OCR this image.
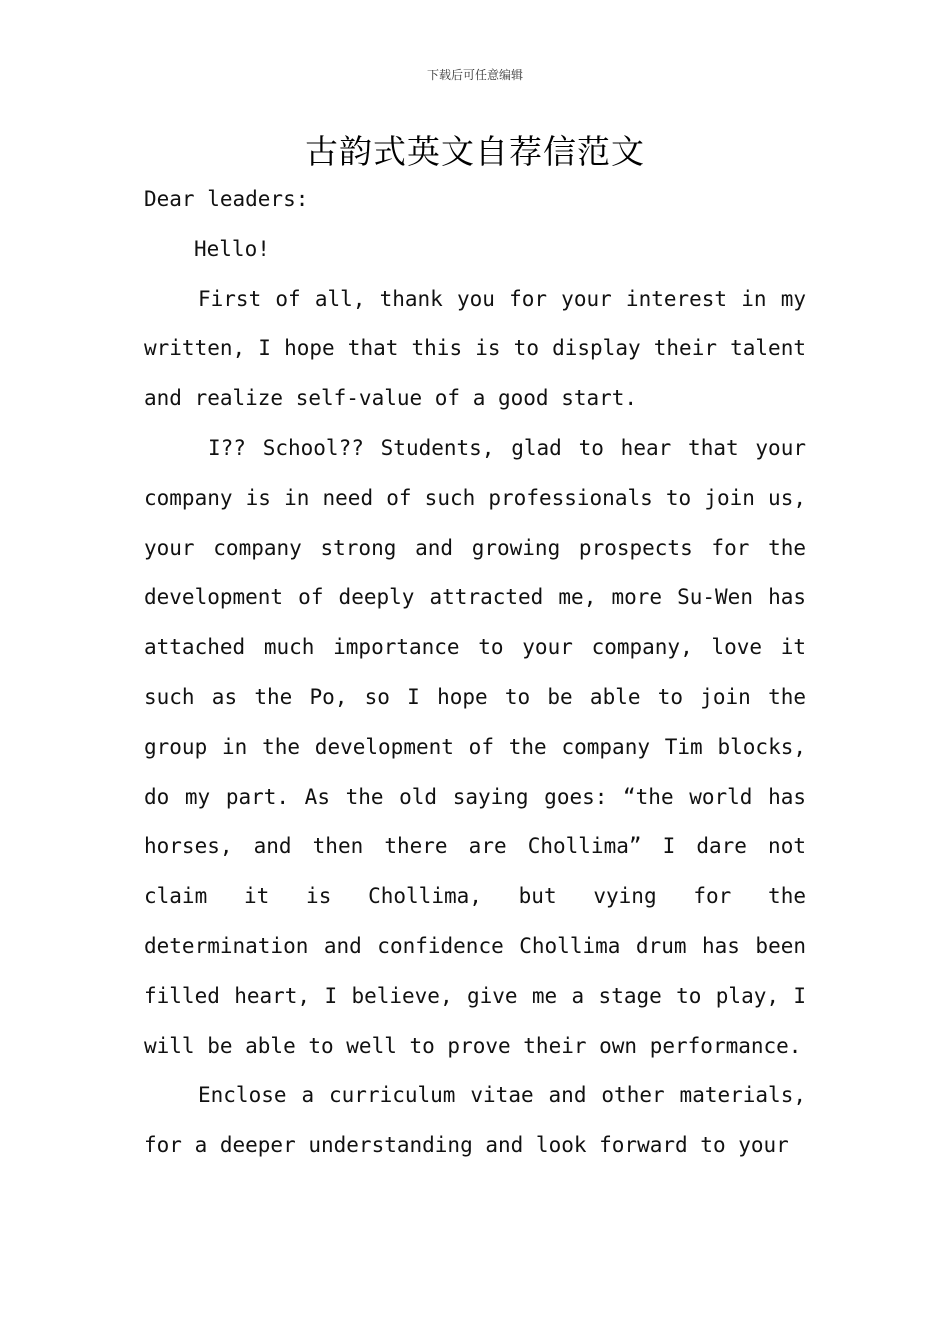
下载后可任意编辑
古韵式英文自荐信范文

Dear leaders:

Hello!

First of all, thank you for your interest in my written, I hope that this is to display their talent and realize self-value of a good start.

I?? School?? Students, glad to hear that your company is in need of such professionals to join us, your company strong and growing prospects for the development of deeply attracted me, more Su-Wen has attached much importance to your company, love it such as the Po, so I hope to be able to join the group in the development of the company Tim blocks, do my part. As the old saying goes: “the world has horses, and then there are Chollima” I dare not claim it is Chollima, but vying for the determination and confidence Chollima drum has been filled heart, I believe, give me a stage to play, I will be able to well to prove their own performance.

Enclose a curriculum vitae and other materials, for a deeper understanding and look forward to your
